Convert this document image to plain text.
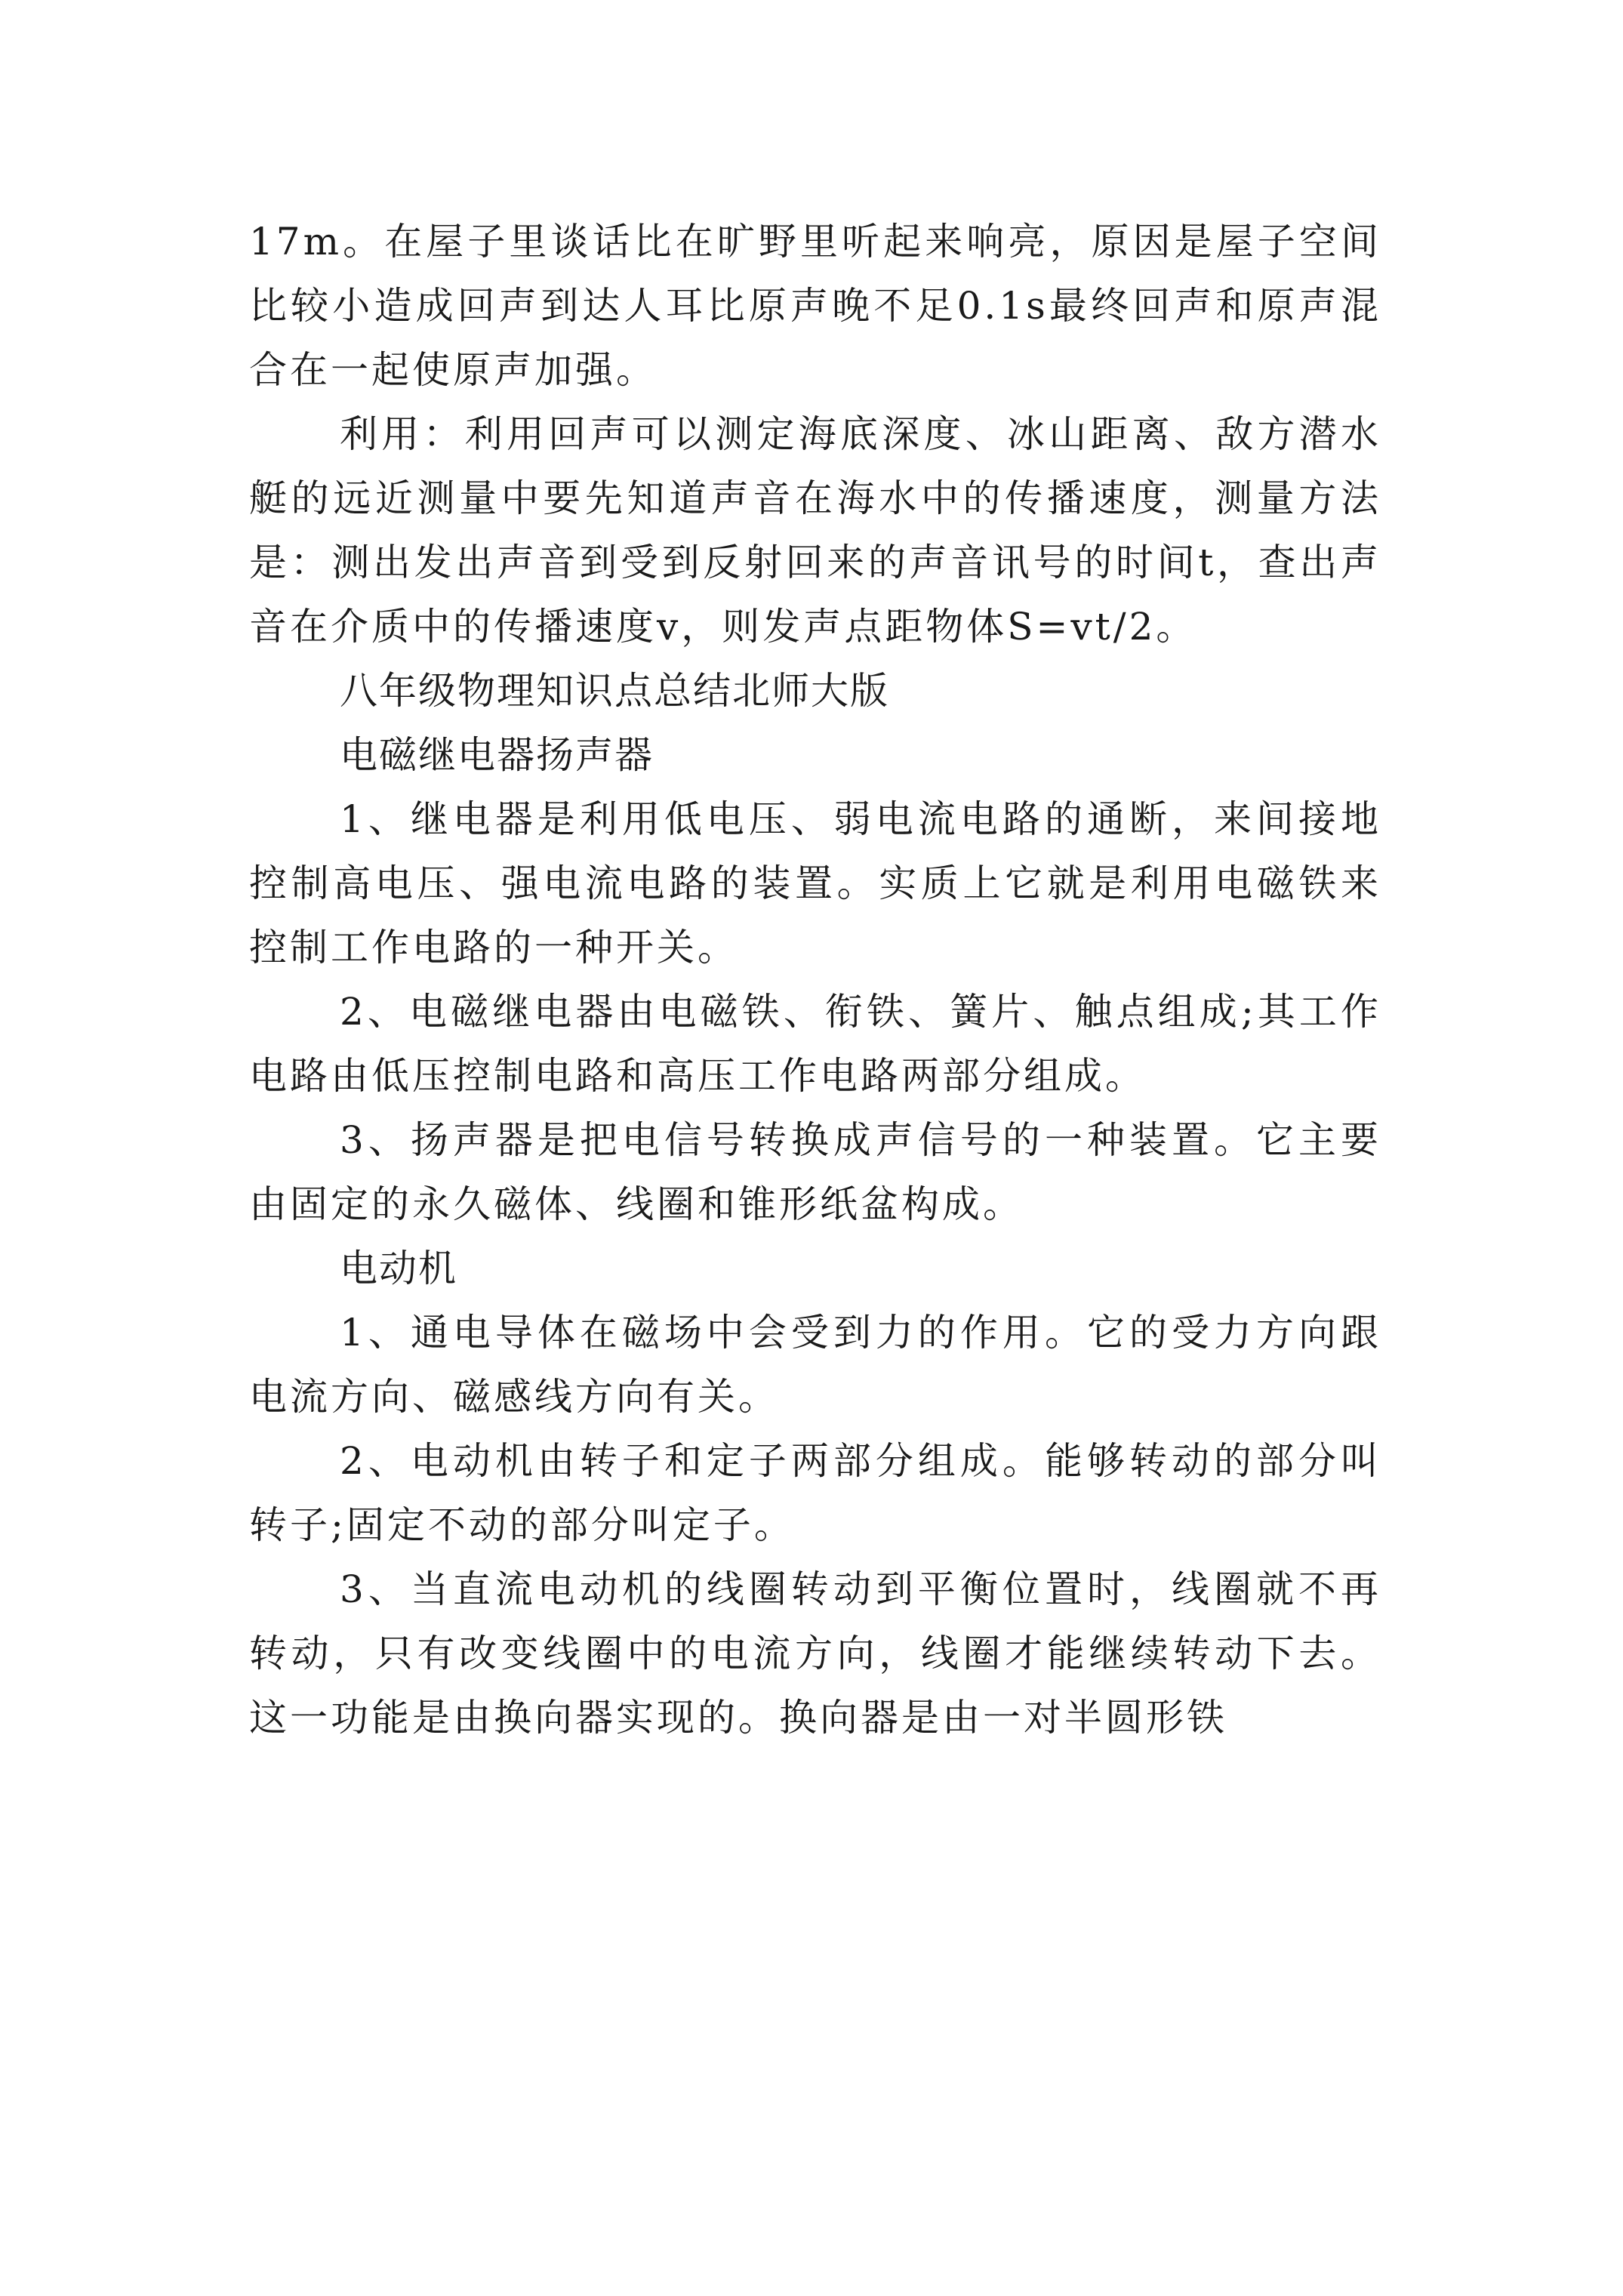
17m。在屋子里谈话比在旷野里听起来响亮，原因是屋子空间比较小造成回声到达人耳比原声晚不足0.1s最终回声和原声混合在一起使原声加强。

利用：利用回声可以测定海底深度、冰山距离、敌方潜水艇的远近测量中要先知道声音在海水中的传播速度，测量方法是：测出发出声音到受到反射回来的声音讯号的时间t，查出声音在介质中的传播速度v，则发声点距物体S=vt/2。

八年级物理知识点总结北师大版

电磁继电器扬声器

1、继电器是利用低电压、弱电流电路的通断，来间接地控制高电压、强电流电路的装置。实质上它就是利用电磁铁来控制工作电路的一种开关。

2、电磁继电器由电磁铁、衔铁、簧片、触点组成;其工作电路由低压控制电路和高压工作电路两部分组成。

3、扬声器是把电信号转换成声信号的一种装置。它主要由固定的永久磁体、线圈和锥形纸盆构成。

电动机

1、通电导体在磁场中会受到力的作用。它的受力方向跟电流方向、磁感线方向有关。

2、电动机由转子和定子两部分组成。能够转动的部分叫转子;固定不动的部分叫定子。

3、当直流电动机的线圈转动到平衡位置时，线圈就不再转动，只有改变线圈中的电流方向，线圈才能继续转动下去。这一功能是由换向器实现的。换向器是由一对半圆形铁
